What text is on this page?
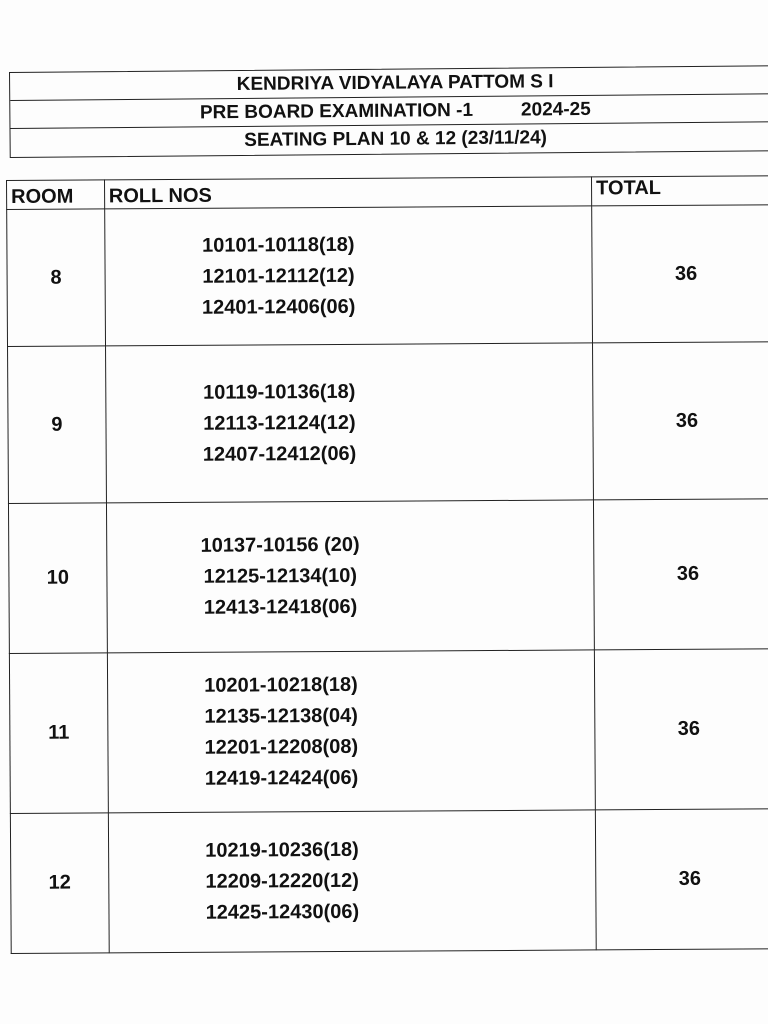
KENDRIYA VIDYALAYA PATTOM S I
PRE BOARD EXAMINATION -1	2024-25
SEATING PLAN 10 & 12 (23/11/24)
ROOM	ROLL NOS	TOTAL
8	10101-10118(18)
12101-12112(12)
12401-12406(06)	36
9	10119-10136(18)
12113-12124(12)
12407-12412(06)	36
10	10137-10156 (20)
12125-12134(10)
12413-12418(06)	36
11	10201-10218(18)
12135-12138(04)
12201-12208(08)
12419-12424(06)	36
12	10219-10236(18)
12209-12220(12)
12425-12430(06)	36
